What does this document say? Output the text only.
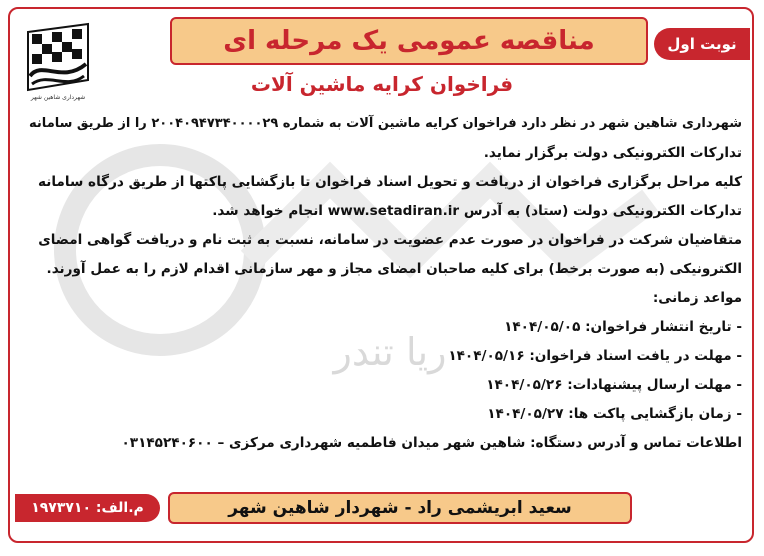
ریا تندر
شهرداری شاهین شهر
مناقصه عمومی یک مرحله ای	نوبت اول
فراخوان کرایه ماشین آلات
شهرداری شاهین شهر در نظر دارد فراخوان کرایه ماشین آلات به شماره ۲۰۰۴۰۹۴۷۳۴۰۰۰۰۲۹ را از طریق سامانه
تدارکات الکترونیکی دولت برگزار نماید.
کلیه مراحل برگزاری فراخوان از دریافت و تحویل اسناد فراخوان تا بازگشایی پاکتها از طریق درگاه سامانه
تدارکات الکترونیکی دولت (ستاد) به آدرس www.setadiran.ir انجام خواهد شد.
متقاضیان شرکت در فراخوان در صورت عدم عضویت در سامانه، نسبت به ثبت نام و دریافت گواهی امضای
الکترونیکی (به صورت برخط) برای کلیه صاحبان امضای مجاز و مهر سازمانی اقدام لازم را به عمل آورند.
مواعد زمانی:
- تاریخ انتشار فراخوان: ۱۴۰۴/۰۵/۰۵
- مهلت در یافت اسناد فراخوان: ۱۴۰۴/۰۵/۱۶
- مهلت ارسال پیشنهادات: ۱۴۰۴/۰۵/۲۶
- زمان بازگشایی پاکت ها: ۱۴۰۴/۰۵/۲۷
اطلاعات تماس و آدرس دستگاه: شاهین شهر میدان فاطمیه شهرداری مرکزی – ۰۳۱۴۵۲۴۰۶۰۰
سعید ابریشمی راد - شهردار شاهین شهر
م.الف: ۱۹۷۳۷۱۰
